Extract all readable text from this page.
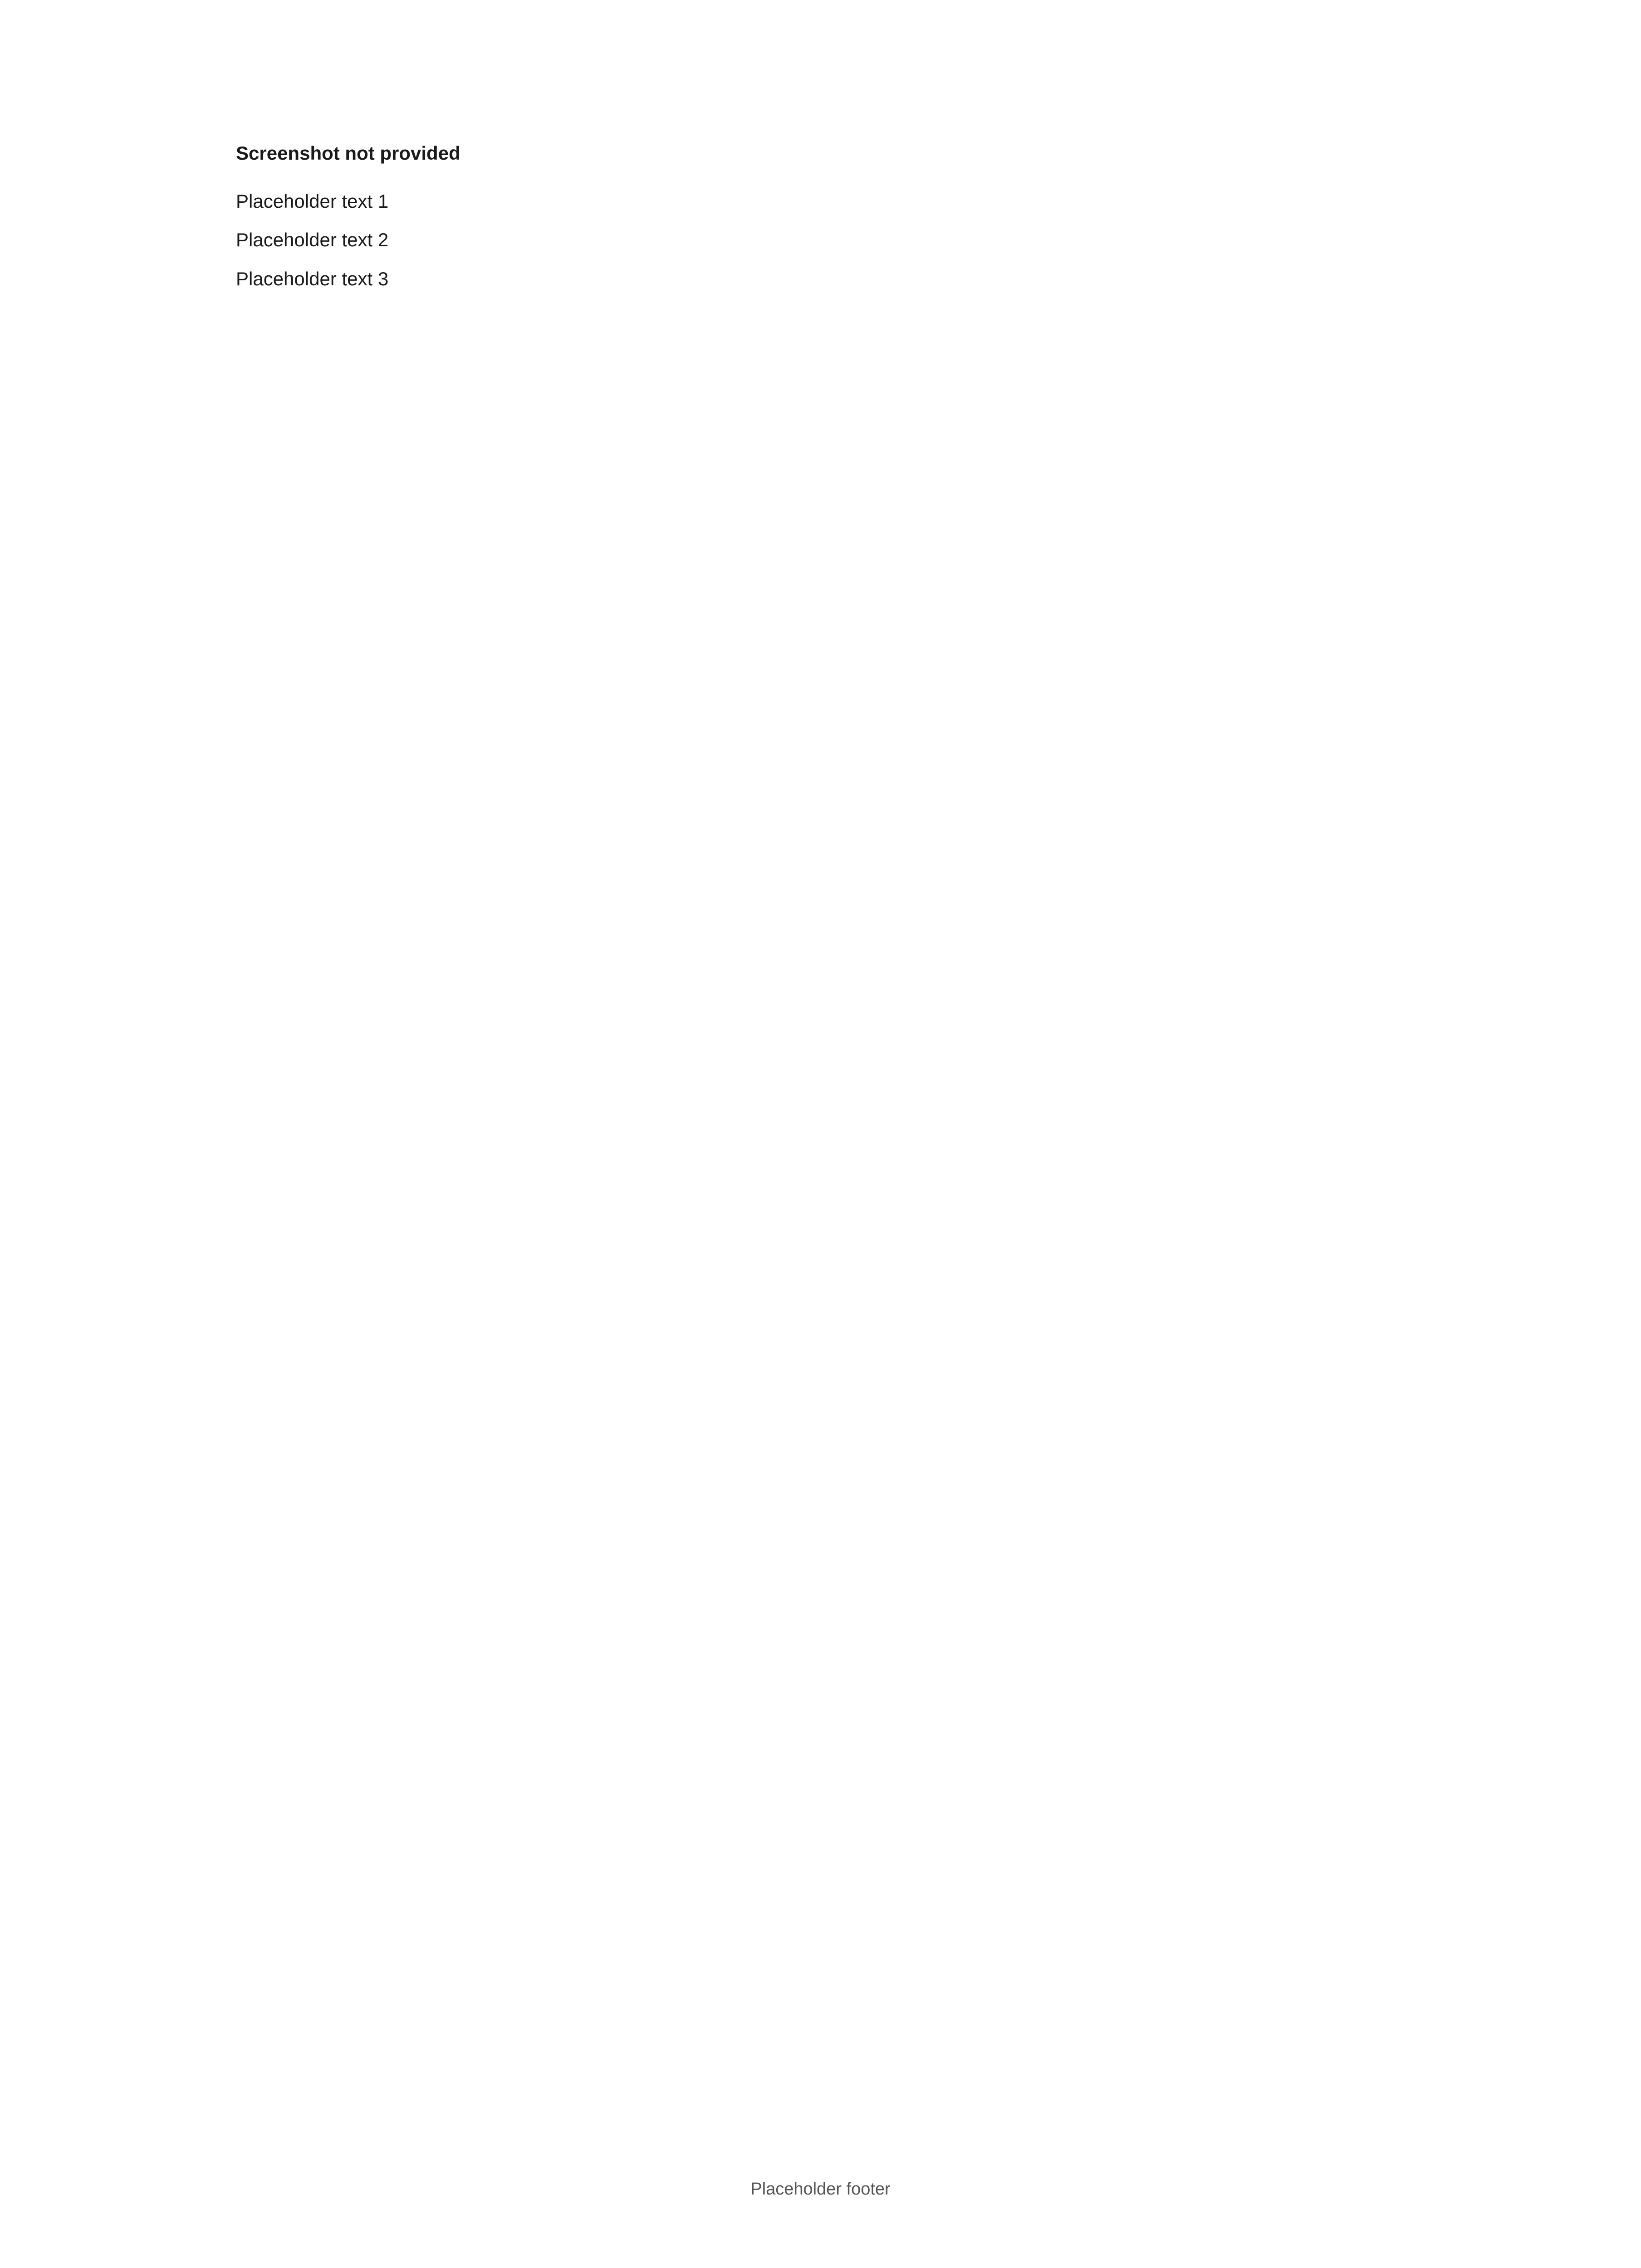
Screenshot not provided
Placeholder text 1
Placeholder text 2
Placeholder text 3
Placeholder footer
